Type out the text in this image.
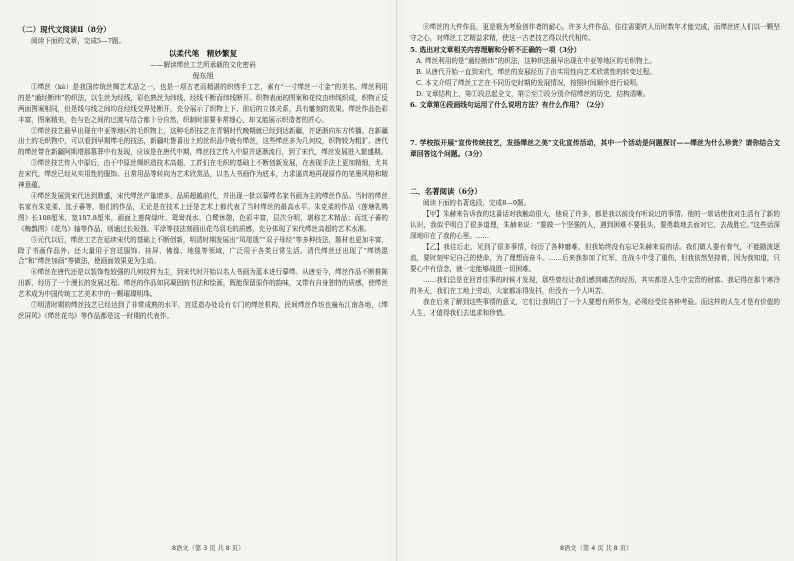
（二）现代文阅读Ⅱ（8分）

阅读下面的文章，完成5—7题。

以柔代笔　精妙繁复

——解读缂丝工艺所承载的文化密码

倪东旭

①缂丝（kè）是我国传统丝绸艺术品之一，也是一项古老而精湛的织绣手工艺，素有“一寸缂丝一寸金”的美名。缂丝利用的是“通经断纬”的织法，以生丝为经线，彩色熟丝为纬线，经线不断而纬线断开。织物表面的图案和花纹由纬线织成，织物正反两面图案相同，但是线与线之间均在经线交界处断开，充分展示了织物上下、前后的立体关系，具有雕刻的效果。缂丝作品色彩丰富，图案精美，色与色之间的过渡与结合都十分自然，织制时需要非常细心，却又能展示织造者的匠心。

②缂丝技艺最早出现在中亚等地区的毛织物上，这种毛织技艺在青铜时代晚期就已经到达新疆，并逐渐向东方传播。在新疆出土的毛织物中，可以看到早期缂毛的技法，新疆吐鲁番出土的丝织品中就有缂丝，这些缂丝多为几何纹，织物较为粗犷。唐代的缂丝带在新疆阿斯塔那墓葬中有发现，应该是在唐代中期，缂丝技艺传入中原并逐渐流行，到了宋代，缂丝发展进入繁盛期。

③缂丝技艺传入中原后，由于中原丝绸织造技术高超，工匠们在毛织的基础上不断创新发展，在表现手法上更加精细，尤其在宋代，缂丝已经从实用性的服饰、日常用品等转向为艺术欣赏品，以名人书画作为底本，力求逼真地再现原作的笔墨风格和精神意蕴。

④缂丝发展到宋代达到鼎盛，宋代缂丝产量增多，品质超越前代，并出现一批以摹缂名家书画为主的缂丝作品。当时的缂丝名家有朱克柔、沈子蕃等，他们的作品，无论是在技术上还是艺术上都代表了当时缂丝的最高水平。朱克柔的作品《莲塘乳鸭图》长108厘米，宽107.8厘米，画面上莲荷绿叶、鸳鸯戏水、白鹭休憩，色彩丰富，层次分明，堪称艺术精品；而沈子蕃的《梅鹊图》《花鸟》轴等作品，则通过长短戗、平涂等技法刻画出花鸟羽毛的质感，充分体现了宋代缂丝高超的艺术水准。

⑤元代以后，缂丝工艺在延续宋代的基础上不断创新，明清时期发展出“凤尾戗”“双子母经”等多种技法，题材也更加丰富，除了书画作品外，还大量用于宫廷服饰、挂屏、佛像、地毯等领域，广泛用于各类日常生活。清代缂丝还出现了“缂绣混合”和“缂丝加画”等做法，使画面效果更为生动。

⑥缂丝在唐代还是以装饰性较强的几何纹样为主，到宋代时开始以名人书画为蓝本进行摹缂。从唐至今，缂丝作品不断推陈出新，经历了一个漫长的发展过程。缂丝的作品如同凝固的书法和绘画，既能保留原作的韵味，又带有自身独特的质感，使缂丝艺术成为中国传统工艺美术中的一颗璀璨明珠。

⑦明清时期的缂丝技艺已经达到了非常成熟的水平，宫廷造办处设有专门的缂丝机构，民间缂丝作坊也遍布江南各地，《缂丝屏风》《缂丝花鸟》等作品都是这一时期的代表作。

⑧缂丝的大件作品，更是极为考验创作者的耐心。许多大件作品，往往需要匠人历时数年才能完成，而缂丝匠人们以一颗坚守之心，对缂丝工艺精益求精，使这一古老技艺得以代代相传。

5. 选出对文章相关内容理解和分析不正确的一项（3分）

A. 缂丝利用的是“通经断纬”的织法，这种织法最早出现在中亚等地区的毛织物上。

B. 从唐代开始一直到宋代，缂丝的发展经历了由实用性向艺术欣赏性的转变过程。

C. 本文介绍了缂丝工艺在不同历史时期的发展情况，按照时间顺序进行说明。

D. 文章结构上，第①段总起全文，第②至⑦段分别介绍缂丝的历史，结构清晰。

6. 文章第④段画线句运用了什么说明方法？有什么作用？（2分）

7. 学校拟开展“宣传传统技艺，发扬缂丝之美”文化宣传活动，其中一个活动是问题探讨——缂丝为什么珍贵？请你结合文章回答这个问题。（3分）

二、名著阅读（6分）

阅读下面的名著选段，完成8—9题。

【甲】朱赫来告诉我的这番话对我触动很大，他说了许多，都是我以前没有听说过的事情。他的一席话使我对生活有了新的认识，我似乎明白了很多道理，朱赫来说：“要做一个坚强的人，遇到困难不要低头，要勇敢地去面对它，去战胜它。”这些话深深地印在了我的心里。……

【乙】我往后走，见到了很多事情，经历了各种磨难，但我始终没有忘记朱赫来说的话。我们做人要有骨气，不能随波逐流，要时刻牢记自己的使命，为了理想而奋斗。……后来我参加了红军，在战斗中受了重伤，但我依然坚持着，因为我知道，只要心中有信念，就一定能够战胜一切困难。

……我们总是在回首往事的时候才发现，那些曾经让我们感到痛苦的经历，其实都是人生中宝贵的财富。我记得在那个寒冷的冬天，我们在工地上劳动，大家都冻得发抖，但没有一个人叫苦。

我在后来了解到这些事情的意义，它们让我明白了一个人要想有所作为，必须经受住各种考验。而这样的人生才是有价值的人生，才值得我们去追求和珍惜。

8语文（第 3 页 共 8 页）	8语文（第 4 页 共 8 页）
